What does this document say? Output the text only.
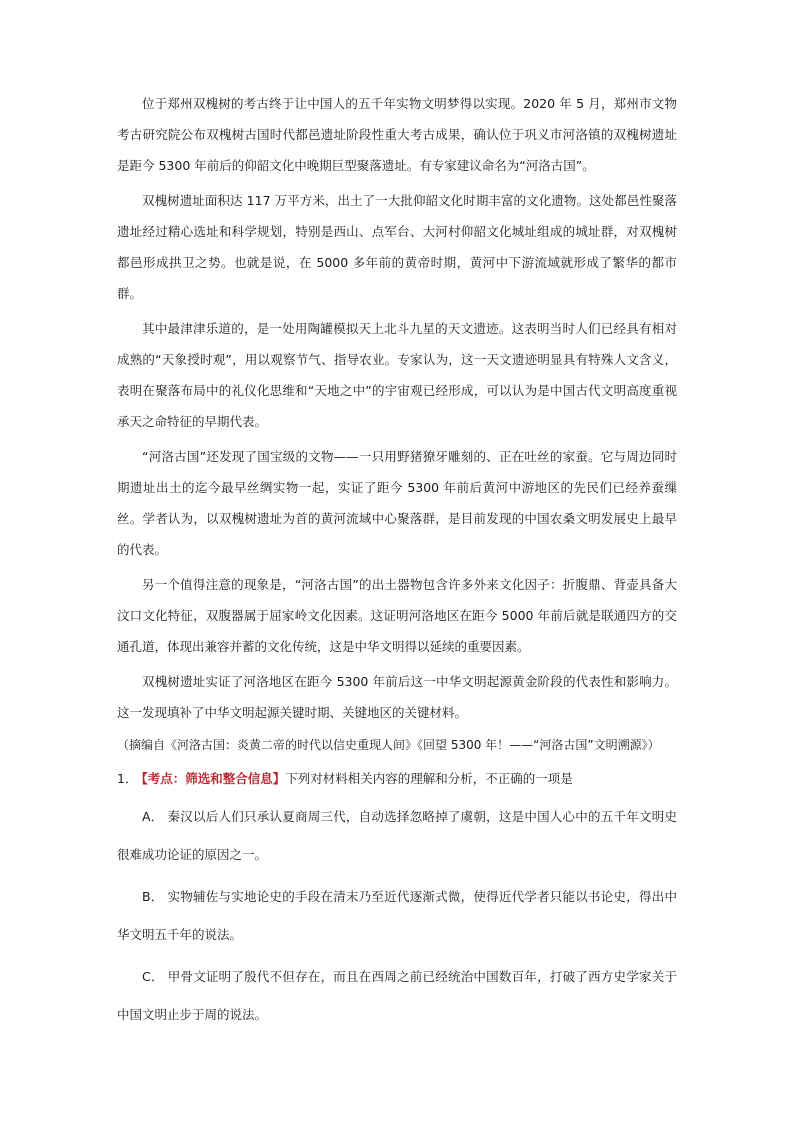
位于郑州双槐树的考古终于让中国人的五千年实物文明梦得以实现。2020 年 5 月，郑州市文物考古研究院公布双槐树古国时代都邑遗址阶段性重大考古成果，确认位于巩义市河洛镇的双槐树遗址是距今 5300 年前后的仰韶文化中晚期巨型聚落遗址。有专家建议命名为“河洛古国”。

双槐树遗址面积达 117 万平方米，出土了一大批仰韶文化时期丰富的文化遗物。这处都邑性聚落遗址经过精心选址和科学规划，特别是西山、点军台、大河村仰韶文化城址组成的城址群，对双槐树都邑形成拱卫之势。也就是说，在 5000 多年前的黄帝时期，黄河中下游流域就形成了繁华的都市群。

其中最津津乐道的，是一处用陶罐模拟天上北斗九星的天文遗迹。这表明当时人们已经具有相对成熟的“天象授时观”，用以观察节气、指导农业。专家认为，这一天文遗迹明显具有特殊人文含义，表明在聚落布局中的礼仪化思维和“天地之中”的宇宙观已经形成，可以认为是中国古代文明高度重视承天之命特征的早期代表。

“河洛古国”还发现了国宝级的文物——一只用野猪獠牙雕刻的、正在吐丝的家蚕。它与周边同时期遗址出土的迄今最早丝绸实物一起，实证了距今 5300 年前后黄河中游地区的先民们已经养蚕缫丝。学者认为，以双槐树遗址为首的黄河流域中心聚落群，是目前发现的中国农桑文明发展史上最早的代表。

另一个值得注意的现象是，“河洛古国”的出土器物包含许多外来文化因子：折腹鼎、背壶具备大汶口文化特征，双腹器属于屈家岭文化因素。这证明河洛地区在距今 5000 年前后就是联通四方的交通孔道，体现出兼容并蓄的文化传统，这是中华文明得以延续的重要因素。

双槐树遗址实证了河洛地区在距今 5300 年前后这一中华文明起源黄金阶段的代表性和影响力。这一发现填补了中华文明起源关键时期、关键地区的关键材料。

（摘编自《河洛古国：炎黄二帝的时代以信史重现人间》《回望 5300 年！——“河洛古国”文明溯源》）

1． 【考点：筛选和整合信息】下列对材料相关内容的理解和分析，不正确的一项是

A． 秦汉以后人们只承认夏商周三代，自动选择忽略掉了虞朝，这是中国人心中的五千年文明史很难成功论证的原因之一。

B． 实物辅佐与实地论史的手段在清末乃至近代逐渐式微，使得近代学者只能以书论史，得出中华文明五千年的说法。

C． 甲骨文证明了殷代不但存在，而且在西周之前已经统治中国数百年，打破了西方史学家关于中国文明止步于周的说法。
